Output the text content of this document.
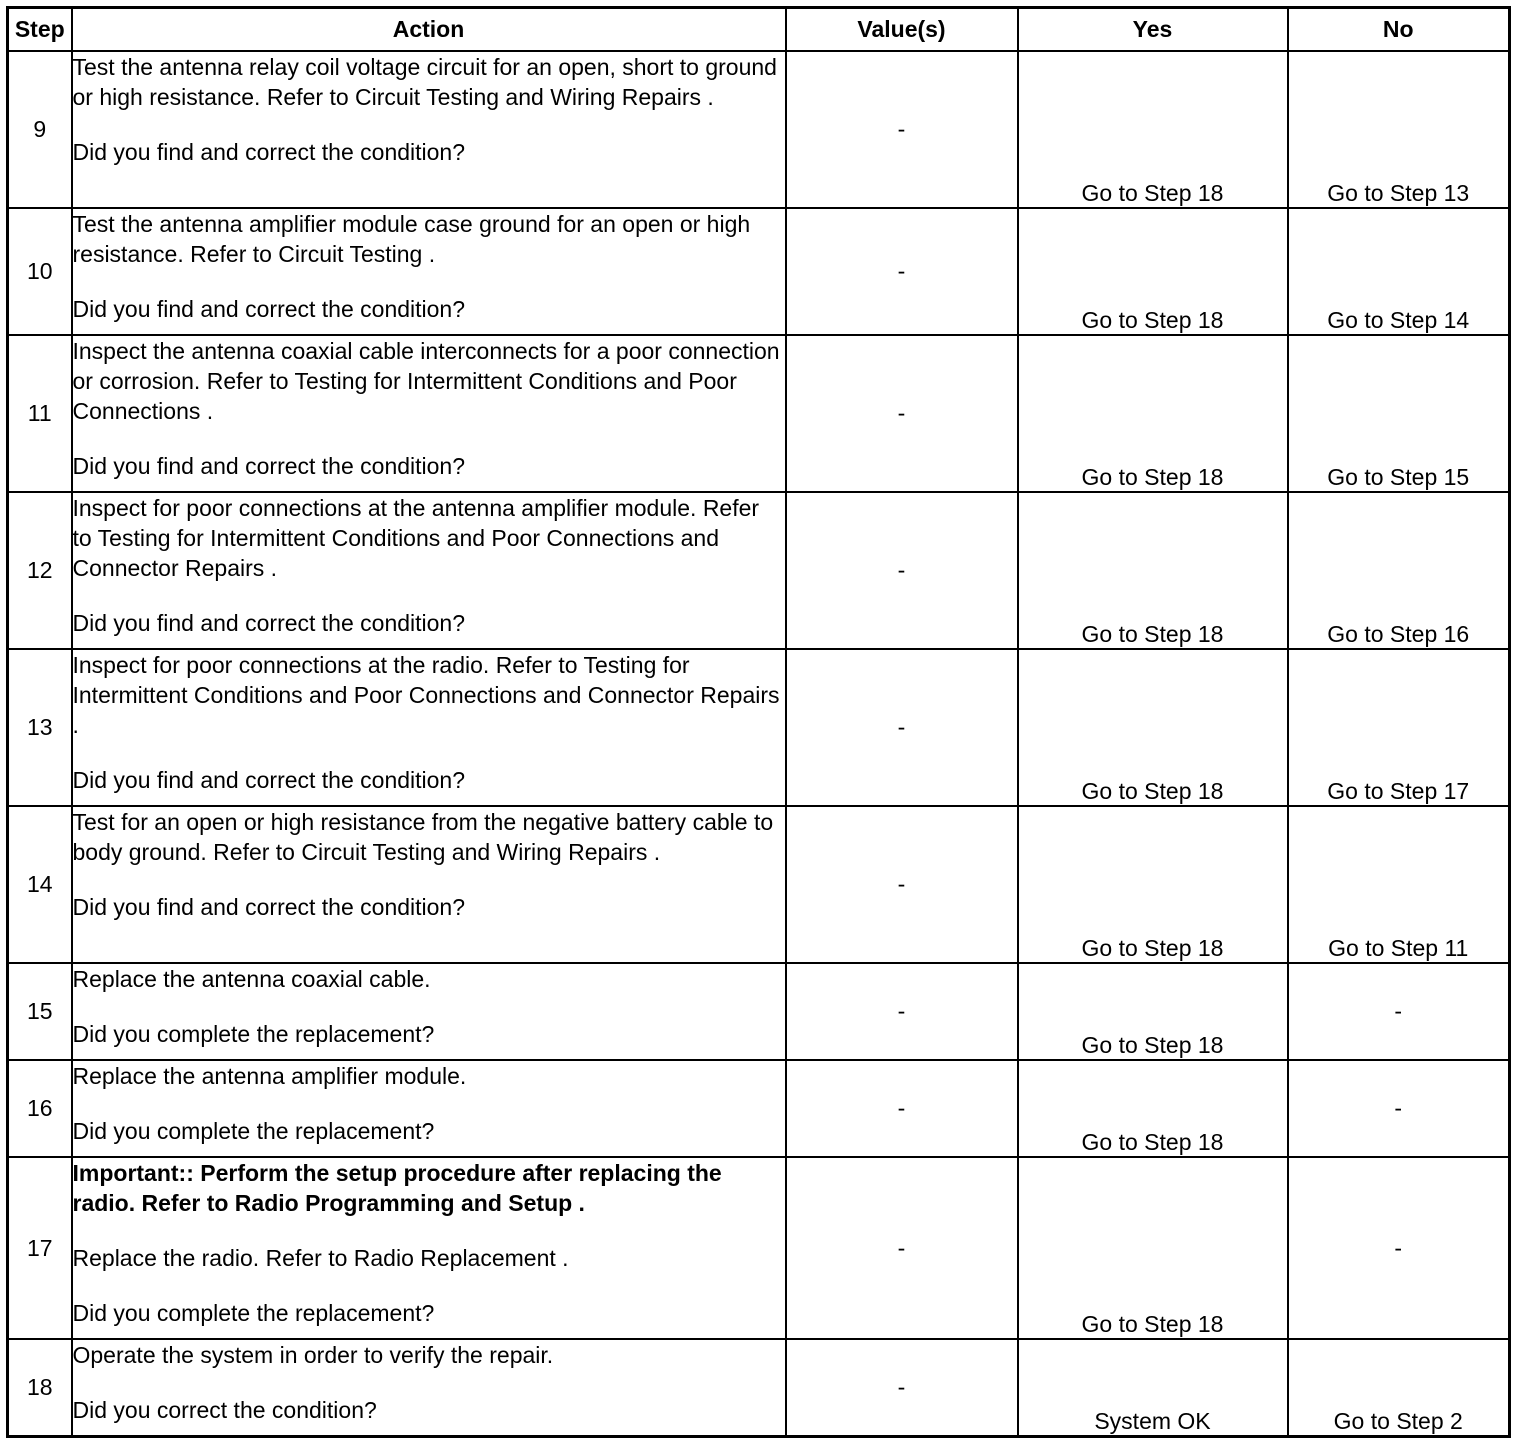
Step	Action	Value(s)	Yes	No
9	Test the antenna relay coil voltage circuit for an open, short to ground or high resistance. Refer to Circuit Testing and Wiring Repairs .

Did you find and correct the condition?	-	Go to Step 18	Go to Step 13
10	Test the antenna amplifier module case ground for an open or high resistance. Refer to Circuit Testing .

Did you find and correct the condition?	-	Go to Step 18	Go to Step 14
11	Inspect the antenna coaxial cable interconnects for a poor connection or corrosion. Refer to Testing for Intermittent Conditions and Poor Connections .

Did you find and correct the condition?	-	Go to Step 18	Go to Step 15
12	Inspect for poor connections at the antenna amplifier module. Refer to Testing for Intermittent Conditions and Poor Connections and Connector Repairs .

Did you find and correct the condition?	-	Go to Step 18	Go to Step 16
13	Inspect for poor connections at the radio. Refer to Testing for Intermittent Conditions and Poor Connections and Connector Repairs .

Did you find and correct the condition?	-	Go to Step 18	Go to Step 17
14	Test for an open or high resistance from the negative battery cable to body ground. Refer to Circuit Testing and Wiring Repairs .

Did you find and correct the condition?	-	Go to Step 18	Go to Step 11
15	Replace the antenna coaxial cable.

Did you complete the replacement?	-	Go to Step 18	-
16	Replace the antenna amplifier module.

Did you complete the replacement?	-	Go to Step 18	-
17	Important:: Perform the setup procedure after replacing the radio. Refer to Radio Programming and Setup .

Replace the radio. Refer to Radio Replacement .

Did you complete the replacement?	-	Go to Step 18	-
18	Operate the system in order to verify the repair.

Did you correct the condition?	-	System OK	Go to Step 2
